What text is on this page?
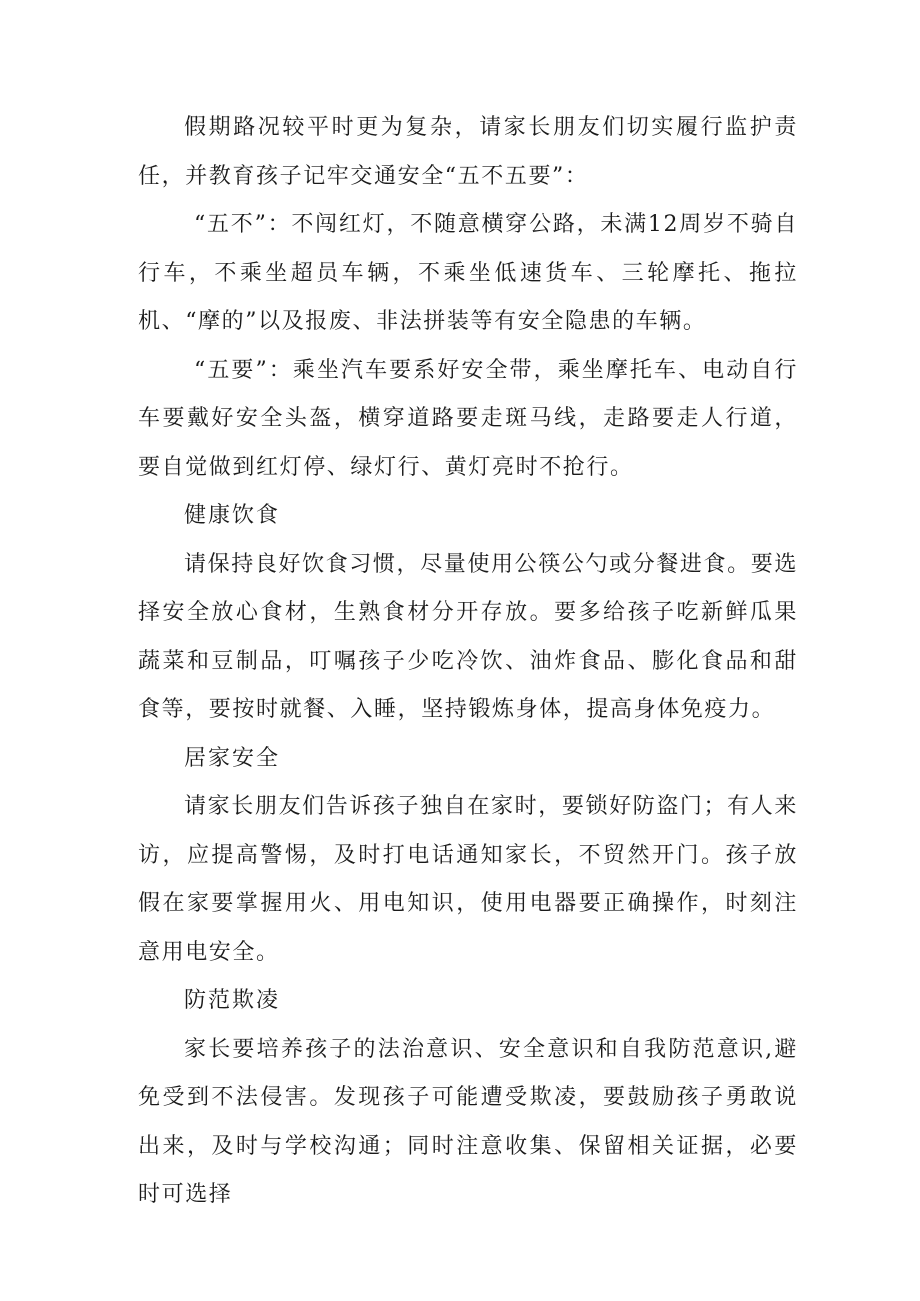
假期路况较平时更为复杂，请家长朋友们切实履行监护责任，并教育孩子记牢交通安全“五不五要”：

“五不”：不闯红灯，不随意横穿公路，未满12周岁不骑自行车，不乘坐超员车辆，不乘坐低速货车、三轮摩托、拖拉机、“摩的”以及报废、非法拼装等有安全隐患的车辆。

“五要”：乘坐汽车要系好安全带，乘坐摩托车、电动自行车要戴好安全头盔，横穿道路要走斑马线，走路要走人行道，要自觉做到红灯停、绿灯行、黄灯亮时不抢行。

健康饮食

请保持良好饮食习惯，尽量使用公筷公勺或分餐进食。要选择安全放心食材，生熟食材分开存放。要多给孩子吃新鲜瓜果蔬菜和豆制品，叮嘱孩子少吃冷饮、油炸食品、膨化食品和甜食等，要按时就餐、入睡，坚持锻炼身体，提高身体免疫力。

居家安全

请家长朋友们告诉孩子独自在家时，要锁好防盗门；有人来访，应提高警惕，及时打电话通知家长，不贸然开门。孩子放假在家要掌握用火、用电知识，使用电器要正确操作，时刻注意用电安全。

防范欺凌

家长要培养孩子的法治意识、安全意识和自我防范意识,避免受到不法侵害。发现孩子可能遭受欺凌，要鼓励孩子勇敢说出来，及时与学校沟通；同时注意收集、保留相关证据，必要时可选择
